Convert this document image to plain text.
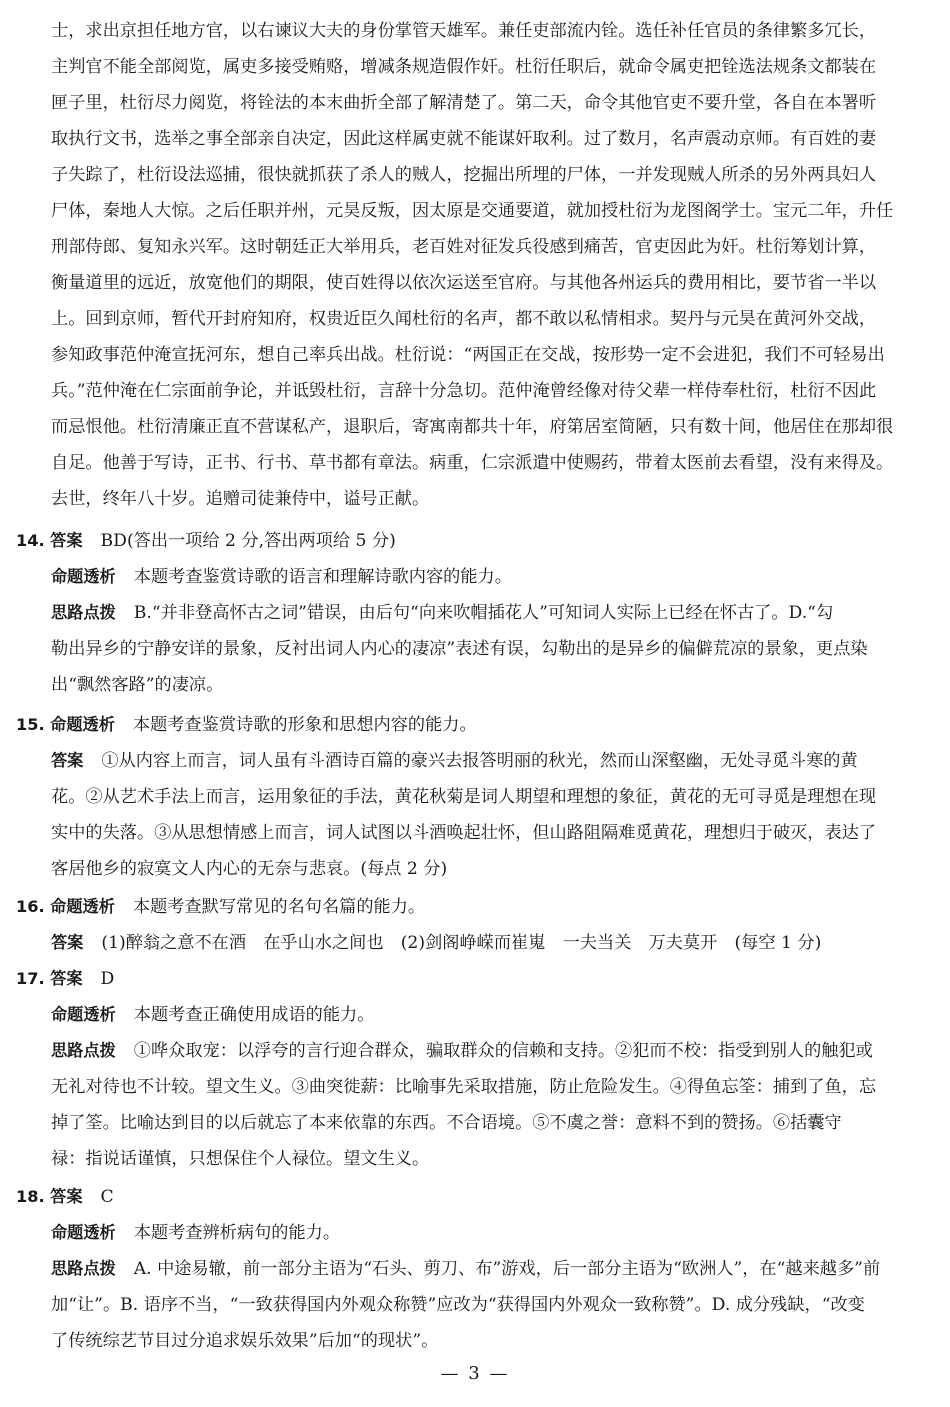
士，求出京担任地方官，以右谏议大夫的身份掌管天雄军。兼任吏部流内铨。选任补任官员的条律繁多冗长，
主判官不能全部阅览，属吏多接受贿赂，增减条规造假作奸。杜衍任职后，就命令属吏把铨选法规条文都装在
匣子里，杜衍尽力阅览，将铨法的本末曲折全部了解清楚了。第二天，命令其他官吏不要升堂，各自在本署听
取执行文书，选举之事全部亲自决定，因此这样属吏就不能谋奸取利。过了数月，名声震动京师。有百姓的妻
子失踪了，杜衍设法巡捕，很快就抓获了杀人的贼人，挖掘出所埋的尸体，一并发现贼人所杀的另外两具妇人
尸体，秦地人大惊。之后任职并州，元昊反叛，因太原是交通要道，就加授杜衍为龙图阁学士。宝元二年，升任
刑部侍郎、复知永兴军。这时朝廷正大举用兵，老百姓对征发兵役感到痛苦，官吏因此为奸。杜衍筹划计算，
衡量道里的远近，放宽他们的期限，使百姓得以依次运送至官府。与其他各州运兵的费用相比，要节省一半以
上。回到京师，暂代开封府知府，权贵近臣久闻杜衍的名声，都不敢以私情相求。契丹与元昊在黄河外交战，
参知政事范仲淹宣抚河东，想自己率兵出战。杜衍说：“两国正在交战，按形势一定不会进犯，我们不可轻易出
兵。”范仲淹在仁宗面前争论，并诋毁杜衍，言辞十分急切。范仲淹曾经像对待父辈一样侍奉杜衍，杜衍不因此
而忌恨他。杜衍清廉正直不营谋私产，退职后，寄寓南都共十年，府第居室简陋，只有数十间，他居住在那却很
自足。他善于写诗，正书、行书、草书都有章法。病重，仁宗派遣中使赐药，带着太医前去看望，没有来得及。
去世，终年八十岁。追赠司徒兼侍中，谥号正献。
14. 答案 BD(答出一项给 2 分,答出两项给 5 分)
命题透析 本题考查鉴赏诗歌的语言和理解诗歌内容的能力。
思路点拨 B.“并非登高怀古之词”错误，由后句“向来吹帽插花人”可知词人实际上已经在怀古了。D.“勾
勒出异乡的宁静安详的景象，反衬出词人内心的凄凉”表述有误，勾勒出的是异乡的偏僻荒凉的景象，更点染
出“飘然客路”的凄凉。
15. 命题透析 本题考查鉴赏诗歌的形象和思想内容的能力。
答案 ①从内容上而言，词人虽有斗酒诗百篇的豪兴去报答明丽的秋光，然而山深壑幽，无处寻觅斗寒的黄
花。②从艺术手法上而言，运用象征的手法，黄花秋菊是词人期望和理想的象征，黄花的无可寻觅是理想在现
实中的失落。③从思想情感上而言，词人试图以斗酒唤起壮怀，但山路阻隔难觅黄花，理想归于破灭，表达了
客居他乡的寂寞文人内心的无奈与悲哀。(每点 2 分)
16. 命题透析 本题考查默写常见的名句名篇的能力。
答案 (1)醉翁之意不在酒　在乎山水之间也　(2)剑阁峥嵘而崔嵬　一夫当关　万夫莫开　(每空 1 分)
17. 答案 D
命题透析 本题考查正确使用成语的能力。
思路点拨 ①哗众取宠：以浮夸的言行迎合群众，骗取群众的信赖和支持。②犯而不校：指受到别人的触犯或
无礼对待也不计较。望文生义。③曲突徙薪：比喻事先采取措施，防止危险发生。④得鱼忘筌：捕到了鱼，忘
掉了筌。比喻达到目的以后就忘了本来依靠的东西。不合语境。⑤不虞之誉：意料不到的赞扬。⑥括囊守
禄：指说话谨慎，只想保住个人禄位。望文生义。
18. 答案 C
命题透析 本题考查辨析病句的能力。
思路点拨 A. 中途易辙，前一部分主语为“石头、剪刀、布”游戏，后一部分主语为“欧洲人”，在“越来越多”前
加“让”。B. 语序不当，“一致获得国内外观众称赞”应改为“获得国内外观众一致称赞”。D. 成分残缺，“改变
了传统综艺节目过分追求娱乐效果”后加“的现状”。
— 3 —
